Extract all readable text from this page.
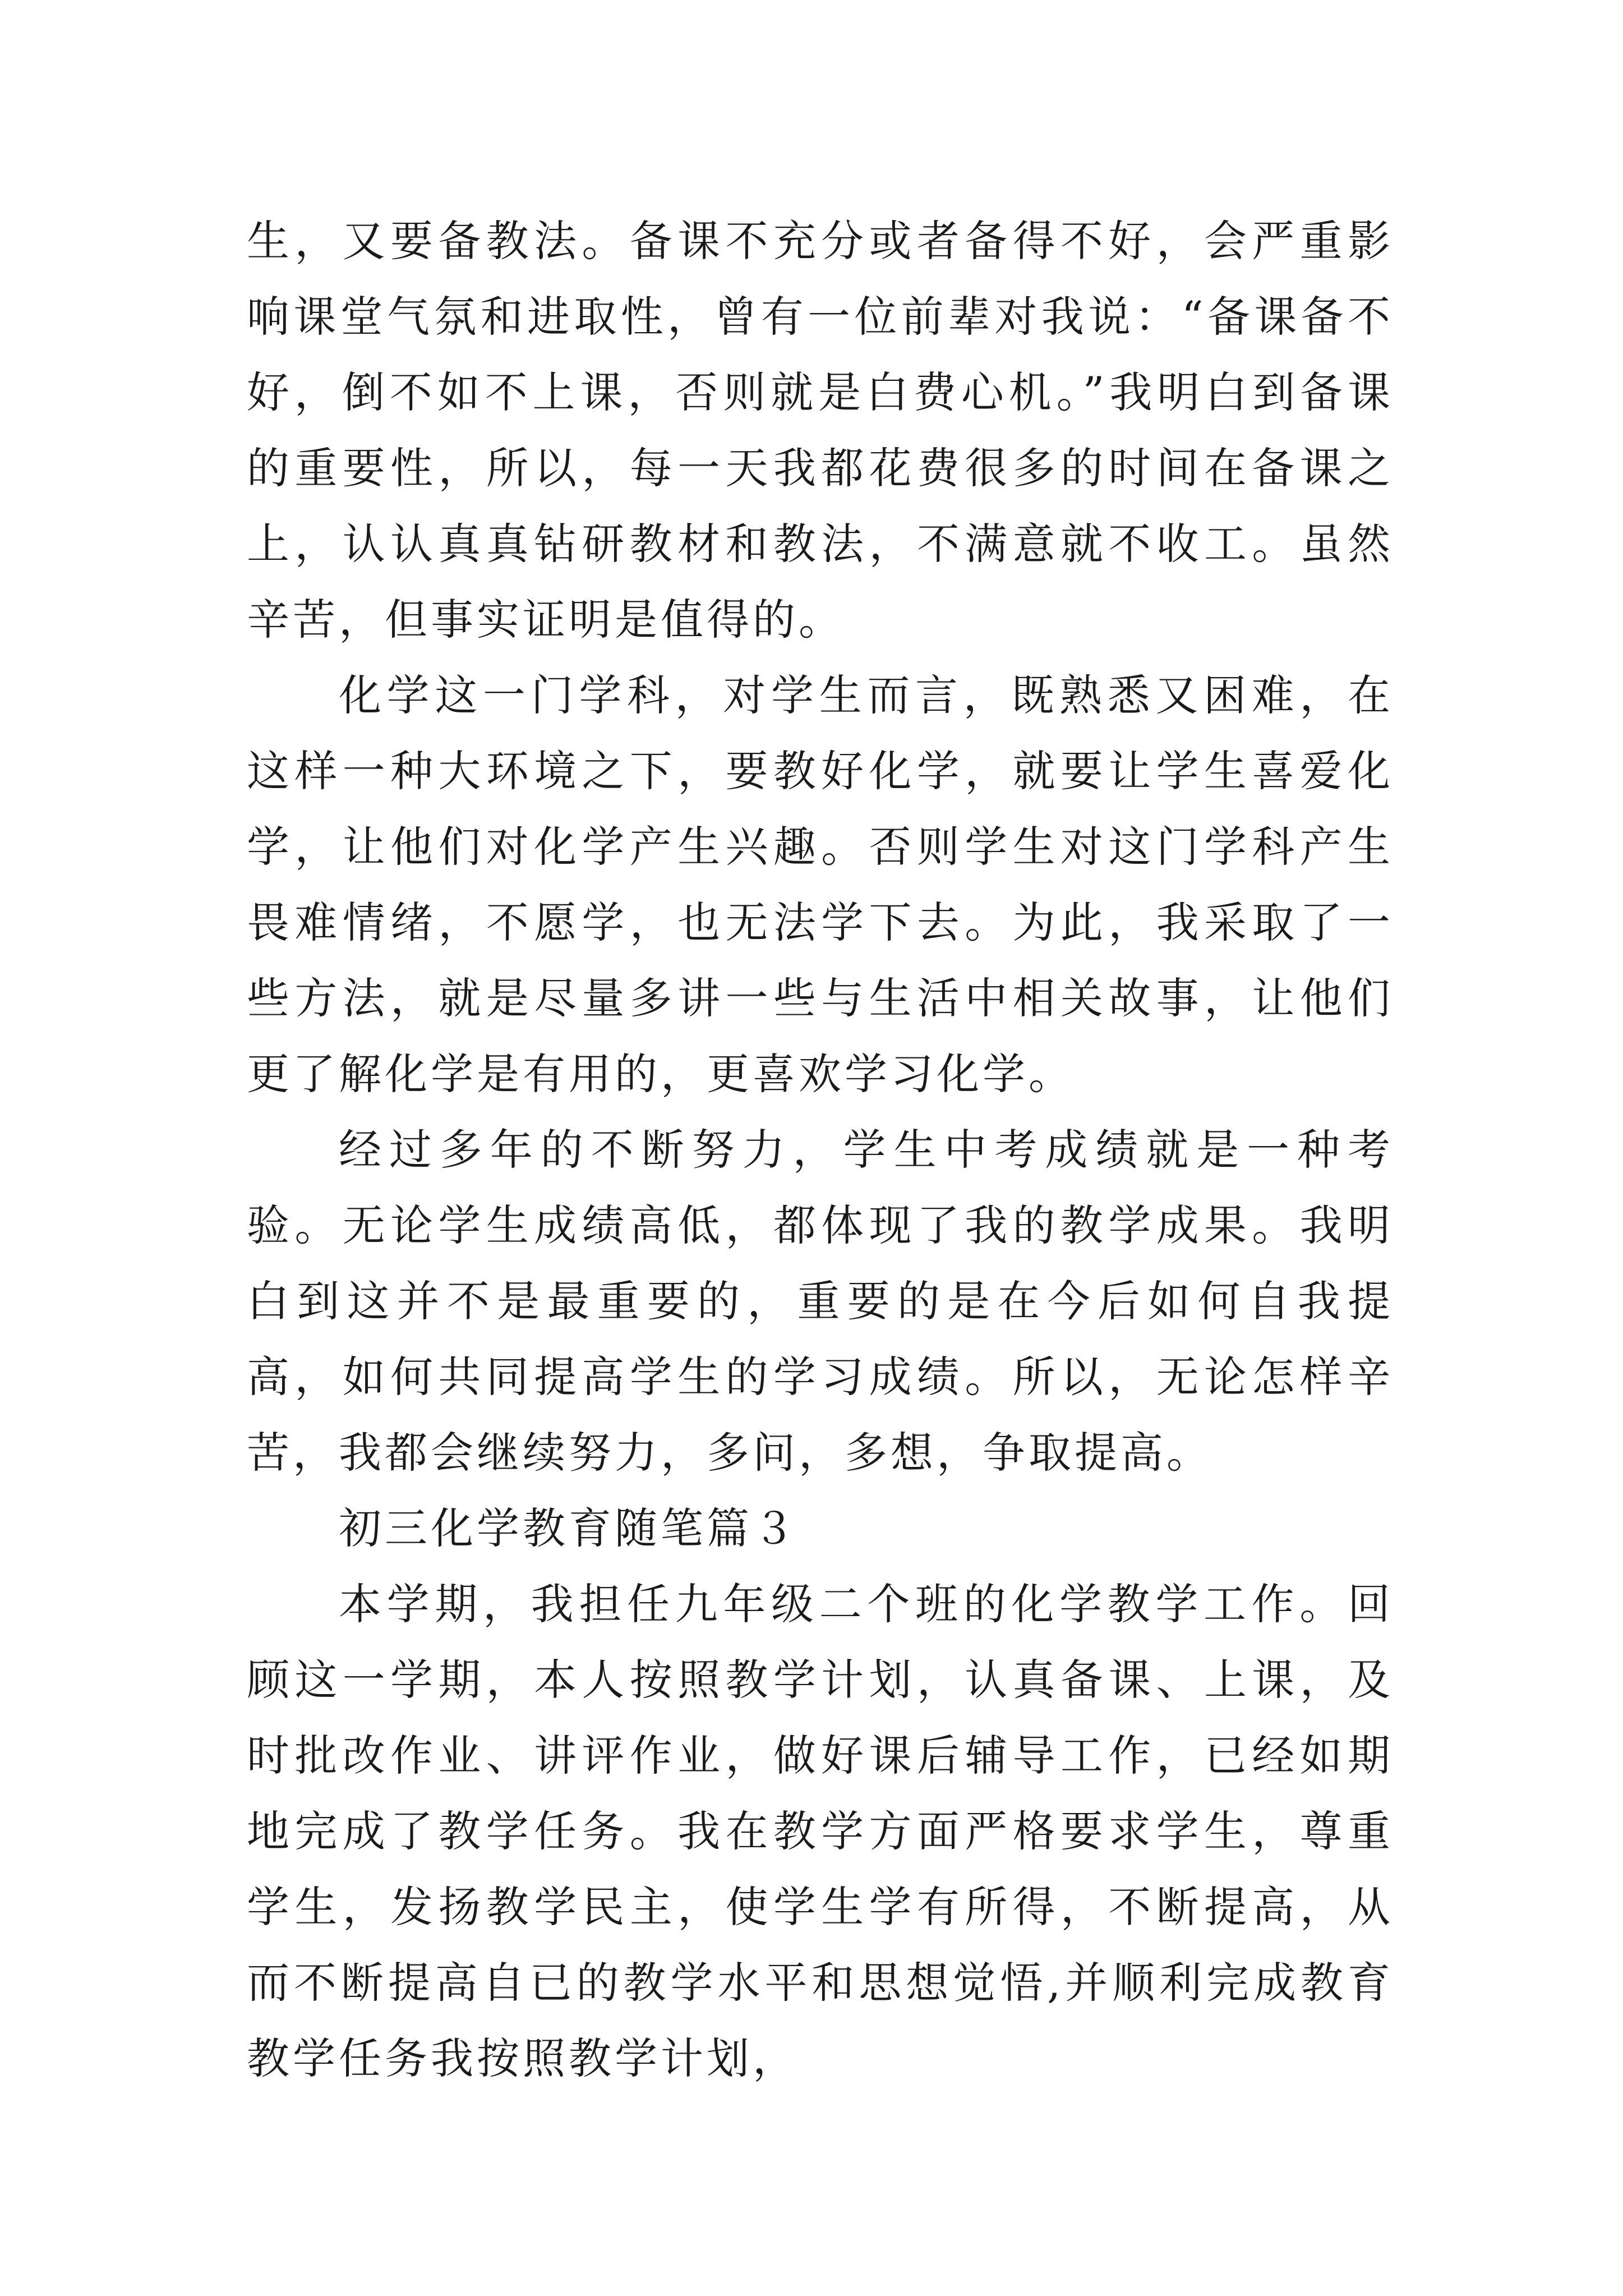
生，又要备教法。备课不充分或者备得不好，会严重影响课堂气氛和进取性，曾有一位前辈对我说：“备课备不好，倒不如不上课，否则就是白费心机。”我明白到备课的重要性，所以，每一天我都花费很多的时间在备课之上，认认真真钻研教材和教法，不满意就不收工。虽然辛苦，但事实证明是值得的。

化学这一门学科，对学生而言，既熟悉又困难，在这样一种大环境之下，要教好化学，就要让学生喜爱化学，让他们对化学产生兴趣。否则学生对这门学科产生畏难情绪，不愿学，也无法学下去。为此，我采取了一些方法，就是尽量多讲一些与生活中相关故事，让他们更了解化学是有用的，更喜欢学习化学。

经过多年的不断努力，学生中考成绩就是一种考验。无论学生成绩高低，都体现了我的教学成果。我明白到这并不是最重要的，重要的是在今后如何自我提高，如何共同提高学生的学习成绩。所以，无论怎样辛苦，我都会继续努力，多问，多想，争取提高。

初三化学教育随笔篇３

本学期，我担任九年级二个班的化学教学工作。回顾这一学期，本人按照教学计划，认真备课、上课，及时批改作业、讲评作业，做好课后辅导工作，已经如期地完成了教学任务。我在教学方面严格要求学生，尊重学生，发扬教学民主，使学生学有所得，不断提高，从而不断提高自已的教学水平和思想觉悟,并顺利完成教育教学任务我按照教学计划，
